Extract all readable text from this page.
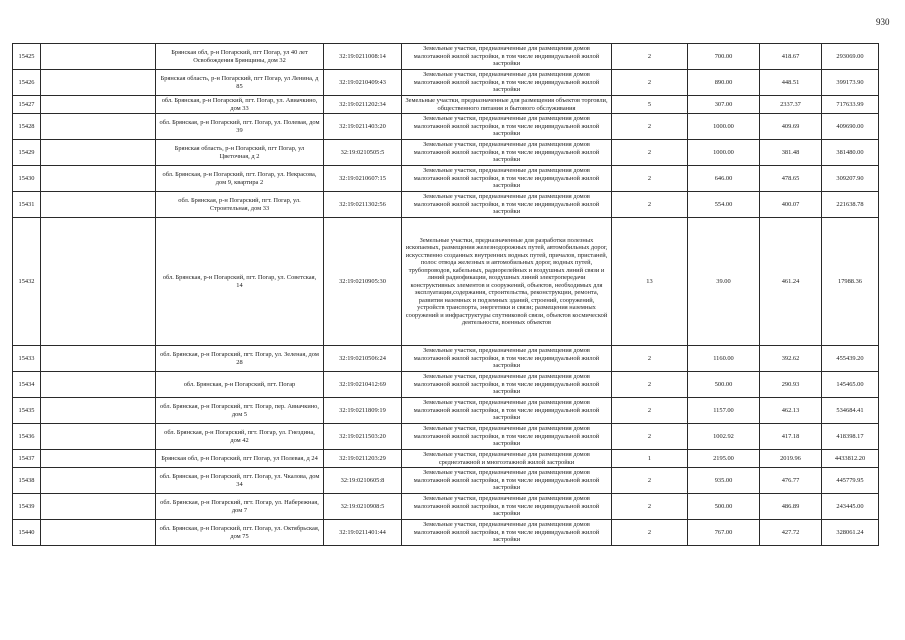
930
15425		Брянская обл, р-н Погарский, пгт Погар, ул 40 лет Освобождения Брянщины, дом 32	32:19:0211008:14	Земельные участки, предназначенные для размещения домов малоэтажной жилой застройки, в том числе индивидуальной жилой застройки	2	700.00	418.67	293069.00
15426		Брянская область, р-н Погарский, пгт Погар, ул Ленина, д 85	32:19:0210409:43	Земельные участки, предназначенные для размещения домов малоэтажной жилой застройки, в том числе индивидуальной жилой застройки	2	890.00	448.51	399173.90
15427		обл. Брянская, р-н Погарский, пгт. Погар, ул. Авиачкино, дом 33	32:19:0211202:34	Земельные участки, предназначенные для размещения объектов торговли, общественного питания и бытового обслуживания	5	307.00	2337.37	717633.99
15428		обл. Брянская, р-н Погарский, пгт. Погар, ул. Полевая, дом 39	32:19:0211403:20	Земельные участки, предназначенные для размещения домов малоэтажной жилой застройки, в том числе индивидуальной жилой застройки	2	1000.00	409.69	409690.00
15429		Брянская область, р-н Погарский, пгт Погар, ул Цветочная, д 2	32:19:0210505:5	Земельные участки, предназначенные для размещения домов малоэтажной жилой застройки, в том числе индивидуальной жилой застройки	2	1000.00	381.48	381480.00
15430		обл. Брянская, р-н Погарский, пгт. Погар, ул. Некрасова, дом 9, квартира 2	32:19:0210607:15	Земельные участки, предназначенные для размещения домов малоэтажной жилой застройки, в том числе индивидуальной жилой застройки	2	646.00	478.65	309207.90
15431		обл. Брянская, р-н Погарский, пгт. Погар, ул. Строительная, дом 33	32:19:0211302:56	Земельные участки, предназначенные для размещения домов малоэтажной жилой застройки, в том числе индивидуальной жилой застройки	2	554.00	400.07	221638.78
15432		обл. Брянская, р-н Погарский, пгт. Погар, ул. Советская, 14	32:19:0210905:30	Земельные участки, предназначенные для разработки полезных ископаемых, размещения железнодорожных путей, автомобильных дорог, искусственно созданных внутренних водных путей, причалов, пристаней, полос отвода железных и автомобильных дорог, водных путей, трубопроводов, кабельных, радиорелейных и воздушных линий связи и линий радиофикации, воздушных линий электропередачи конструктивных элементов и сооружений, объектов, необходимых для эксплуатации,содержания, строительства, реконструкции, ремонта, развития наземных и подземных зданий, строений, сооружений, устройств транспорта, энергетики и связи; размещения наземных сооружений и инфраструктуры спутниковой связи, объектов космической деятельности, военных объектов	13	39.00	461.24	17988.36
15433		обл. Брянская, р-н Погарский, пгт. Погар, ул. Зеленая, дом 28	32:19:0210506:24	Земельные участки, предназначенные для размещения домов малоэтажной жилой застройки, в том числе индивидуальной жилой застройки	2	1160.00	392.62	455439.20
15434		обл. Брянская, р-н Погарский, пгт. Погар	32:19:0210412:69	Земельные участки, предназначенные для размещения домов малоэтажной жилой застройки, в том числе индивидуальной жилой застройки	2	500.00	290.93	145465.00
15435		обл. Брянская, р-н Погарский, пгт. Погар, пер. Авиачкино, дом 5	32:19:0211809:19	Земельные участки, предназначенные для размещения домов малоэтажной жилой застройки, в том числе индивидуальной жилой застройки	2	1157.00	462.13	534684.41
15436		обл. Брянская, р-н Погарский, пгт. Погар, ул. Гнездина, дом 42	32:19:0211503:20	Земельные участки, предназначенные для размещения домов малоэтажной жилой застройки, в том числе индивидуальной жилой застройки	2	1002.92	417.18	418398.17
15437		Брянская обл, р-н Погарский, пгт Погар, ул Полевая, д 24	32:19:0211203:29	Земельные участки, предназначенные для размещения домов среднеэтажной и многоэтажной жилой застройки	1	2195.00	2019.96	4433812.20
15438		обл. Брянская, р-н Погарский, пгт. Погар, ул. Чкалова, дом 34	32:19:0210605:8	Земельные участки, предназначенные для размещения домов малоэтажной жилой застройки, в том числе индивидуальной жилой застройки	2	935.00	476.77	445779.95
15439		обл. Брянская, р-н Погарский, пгт. Погар, ул. Набережная, дом 7	32:19:0210908:5	Земельные участки, предназначенные для размещения домов малоэтажной жилой застройки, в том числе индивидуальной жилой застройки	2	500.00	486.89	243445.00
15440		обл. Брянская, р-н Погарский, пгт. Погар, ул. Октябрьская, дом 75	32:19:0211401:44	Земельные участки, предназначенные для размещения домов малоэтажной жилой застройки, в том числе индивидуальной жилой застройки	2	767.00	427.72	328061.24
